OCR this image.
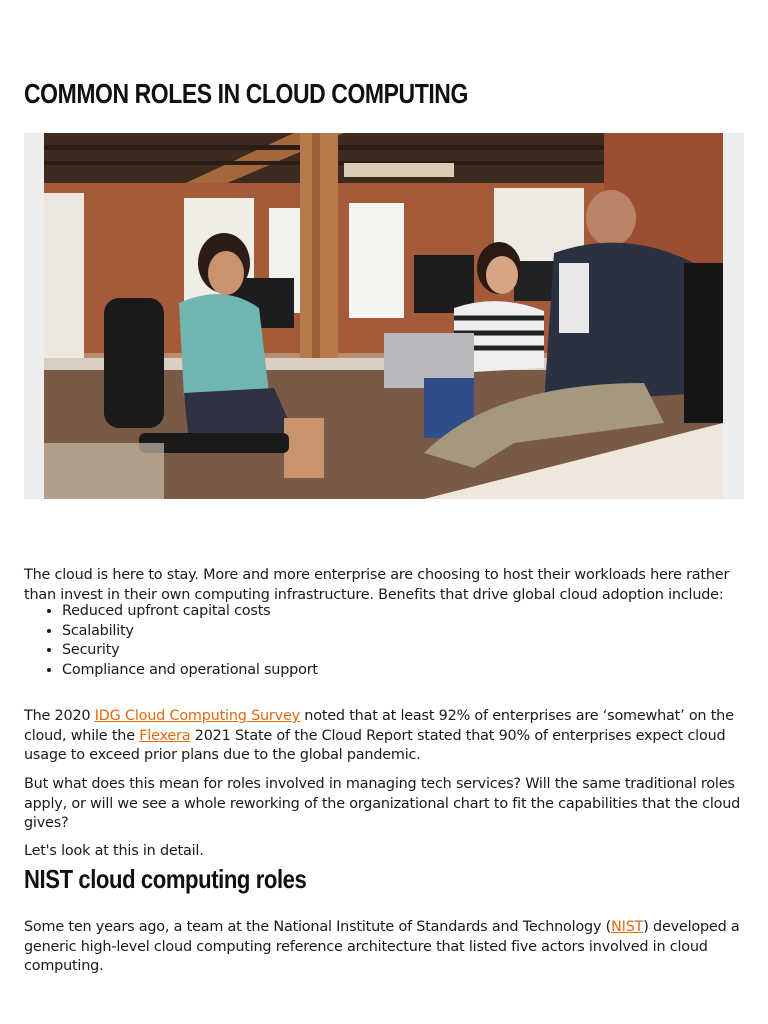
COMMON ROLES IN CLOUD COMPUTING

The cloud is here to stay. More and more enterprise are choosing to host their workloads here rather than invest in their own computing infrastructure. Benefits that drive global cloud adoption include:

• Reduced upfront capital costs
• Scalability
• Security
• Compliance and operational support

The 2020 IDG Cloud Computing Survey noted that at least 92% of enterprises are ‘somewhat’ on the cloud, while the Flexera 2021 State of the Cloud Report stated that 90% of enterprises expect cloud usage to exceed prior plans due to the global pandemic.

But what does this mean for roles involved in managing tech services? Will the same traditional roles apply, or will we see a whole reworking of the organizational chart to fit the capabilities that the cloud gives?

Let's look at this in detail.

NIST cloud computing roles

Some ten years ago, a team at the National Institute of Standards and Technology (NIST) developed a generic high-level cloud computing reference architecture that listed five actors involved in cloud computing.
